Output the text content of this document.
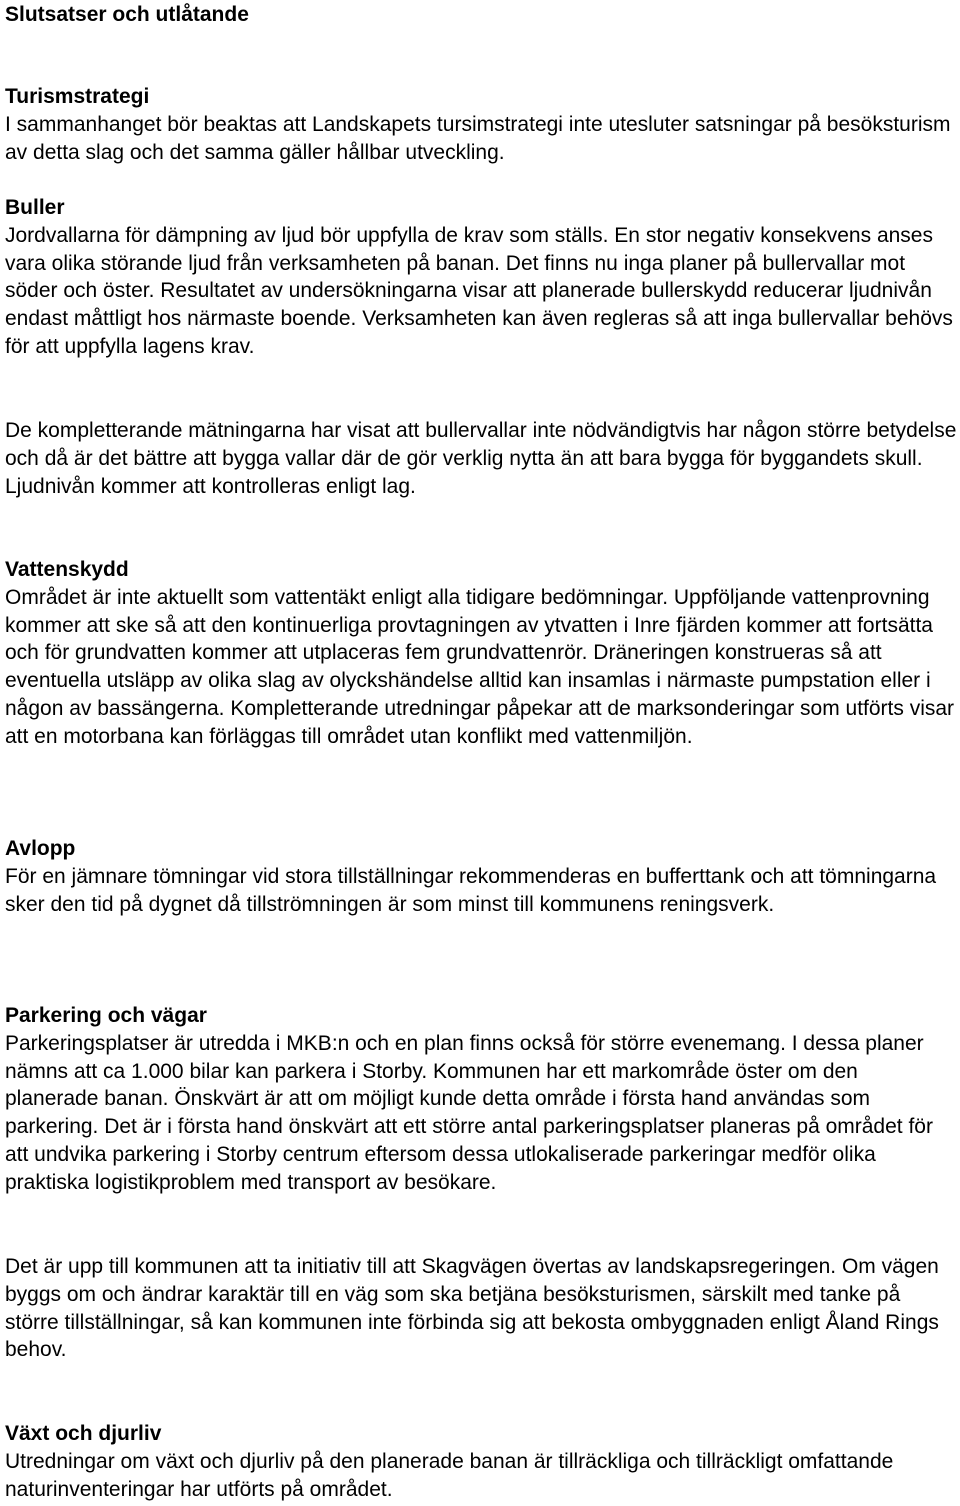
Slutsatser och utlåtande
Turismstrategi

I sammanhanget bör beaktas att Landskapets tursimstrategi inte utesluter satsningar på besöksturism av detta slag och det samma gäller hållbar utveckling.

Buller

Jordvallarna för dämpning av ljud bör uppfylla de krav som ställs. En stor negativ konsekvens anses vara olika störande ljud från verksamheten på banan. Det finns nu inga planer på bullervallar mot söder och öster. Resultatet av undersökningarna visar att planerade bullerskydd reducerar ljudnivån endast måttligt hos närmaste boende. Verksamheten kan även regleras så att inga bullervallar behövs för att uppfylla lagens krav.

De kompletterande mätningarna har visat att bullervallar inte nödvändigtvis har någon större betydelse och då är det bättre att bygga vallar där de gör verklig nytta än att bara bygga för byggandets skull. Ljudnivån kommer att kontrolleras enligt lag.

Vattenskydd

Området är inte aktuellt som vattentäkt enligt alla tidigare bedömningar. Uppföljande vattenprovning kommer att ske så att den kontinuerliga provtagningen av ytvatten i Inre fjärden kommer att fortsätta och för grundvatten kommer att utplaceras fem grundvattenrör. Dräneringen konstrueras så att eventuella utsläpp av olika slag av olyckshändelse alltid kan insamlas i närmaste pumpstation eller i någon av bassängerna. Kompletterande utredningar påpekar att de marksonderingar som utförts visar att en motorbana kan förläggas till området utan konflikt med vattenmiljön.

Avlopp

För en jämnare tömningar vid stora tillställningar rekommenderas en bufferttank och att tömningarna sker den tid på dygnet då tillströmningen är som minst till kommunens reningsverk.

Parkering och vägar

Parkeringsplatser är utredda i MKB:n och en plan finns också för större evenemang. I dessa planer nämns att ca 1.000 bilar kan parkera i Storby. Kommunen har ett markområde öster om den planerade banan. Önskvärt är att om möjligt kunde detta område i första hand användas som parkering. Det är i första hand önskvärt att ett större antal parkeringsplatser planeras på området för att undvika parkering i Storby centrum eftersom dessa utlokaliserade parkeringar medför olika praktiska logistikproblem med transport av besökare.

Det är upp till kommunen att ta initiativ till att Skagvägen övertas av landskapsregeringen. Om vägen byggs om och ändrar karaktär till en väg som ska betjäna besöksturismen, särskilt med tanke på större tillställningar, så kan kommunen inte förbinda sig att bekosta ombyggnaden enligt Åland Rings behov.

Växt och djurliv

Utredningar om växt och djurliv på den planerade banan är tillräckliga och tillräckligt omfattande naturinventeringar har utförts på området.
